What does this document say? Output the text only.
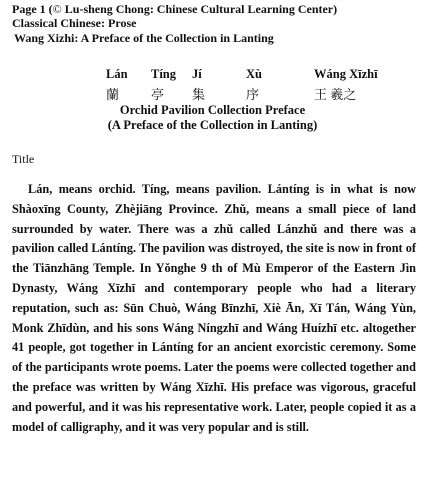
Page 1 (© Lu-sheng Chong: Chinese Cultural Learning Center)
Classical Chinese: Prose
Wang Xizhi: A Preface of the Collection in Lanting
Lán Tíng Jí	Xù	Wáng Xīzhī
蘭 亭 集	序	王 羲之
Orchid Pavilion Collection Preface
(A Preface of the Collection in Lanting)
Title

Lán, means orchid. Tíng, means pavilion. Lántíng is in what is now Shàoxīng County, Zhèjiāng Province. Zhǔ, means a small piece of land surrounded by water. There was a zhǔ called Lánzhǔ and there was a pavilion called Lántíng. The pavilion was distroyed, the site is now in front of the Tiānzhāng Temple. In Yǒnghe 9 th of Mù Emperor of the Eastern Jìn Dynasty, Wáng Xīzhī and contemporary people who had a literary reputation, such as: Sūn Chuò, Wáng Bīnzhī, Xiè Ān, Xī Tán, Wáng Yùn, Monk Zhīdùn, and his sons Wáng Níngzhī and Wáng Huízhī etc. altogether 41 people, got together in Lántíng for an ancient exorcistic ceremony. Some of the participants wrote poems. Later the poems were collected together and the preface was written by Wáng Xīzhī. His preface was vigorous, graceful and powerful, and it was his representative work. Later, people copied it as a model of calligraphy, and it was very popular and is still.
